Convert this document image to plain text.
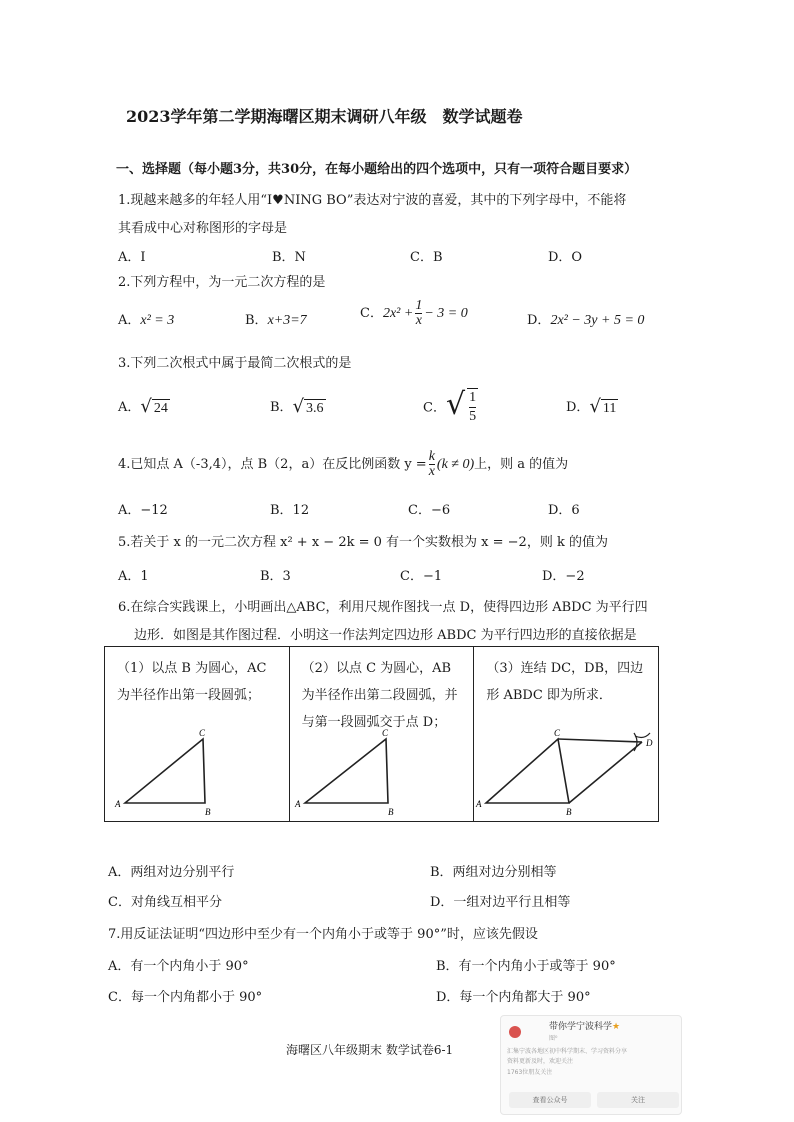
2023学年第二学期海曙区期末调研八年级　数学试题卷
一、选择题（每小题3分，共30分，在每小题给出的四个选项中，只有一项符合题目要求）
1.现越来越多的年轻人用“I♥NING BO”表达对宁波的喜爱，其中的下列字母中，不能将
其看成中心对称图形的字母是
A．I	B．N	C．B	D．O
2.下列方程中，为一元二次方程的是
A．x² = 3	B．x+3=7	C．$2x^2 + \frac{1}{x} - 3 = 0$	D．2x² − 3y + 5 = 0
3.下列二次根式中属于最简二次根式的是
A． √ 24	B． √ 3.6	C． √ $\frac{1}{5}$	D． √ 11
4.已知点 A（-3,4），点 B（2，a）在反比例函数 $y = \frac{k}{x} (k \ne 0)$上，则 a 的值为
A．−12	B．12	C．−6	D．6
5.若关于 x 的一元二次方程 x² + x − 2k = 0 有一个实数根为 x = −2，则 k 的值为
A．1	B．3	C．−1	D．−2
6.在综合实践课上，小明画出△ABC，利用尺规作图找一点 D，使得四边形 ABDC 为平行四
边形．如图是其作图过程．小明这一作法判定四边形 ABDC 为平行四边形的直接依据是
（1）以点 B 为圆心，AC 为半径作出第一段圆弧；
A
B
C
（2）以点 C 为圆心，AB 为半径作出第二段圆弧，并与第一段圆弧交于点 D；
A
B
C
（3）连结 DC，DB，四边形 ABDC 即为所求．
A
B
C
D
A．两组对边分别平行	B．两组对边分别相等
C．对角线互相平分	D．一组对边平行且相等
7.用反证法证明“四边形中至少有一个内角小于或等于 90°”时，应该先假设
A．有一个内角小于 90°	B．有一个内角小于或等于 90°
C．每一个内角都小于 90°	D．每一个内角都大于 90°
海曙区八年级期末 数学试卷6-1
带你学宁波科学★
图⁰
汇集宁波各地区初中科学期末、学习资料分享
资料更新及时，欢迎关注
1763位朋友关注
查看公众号	关注
